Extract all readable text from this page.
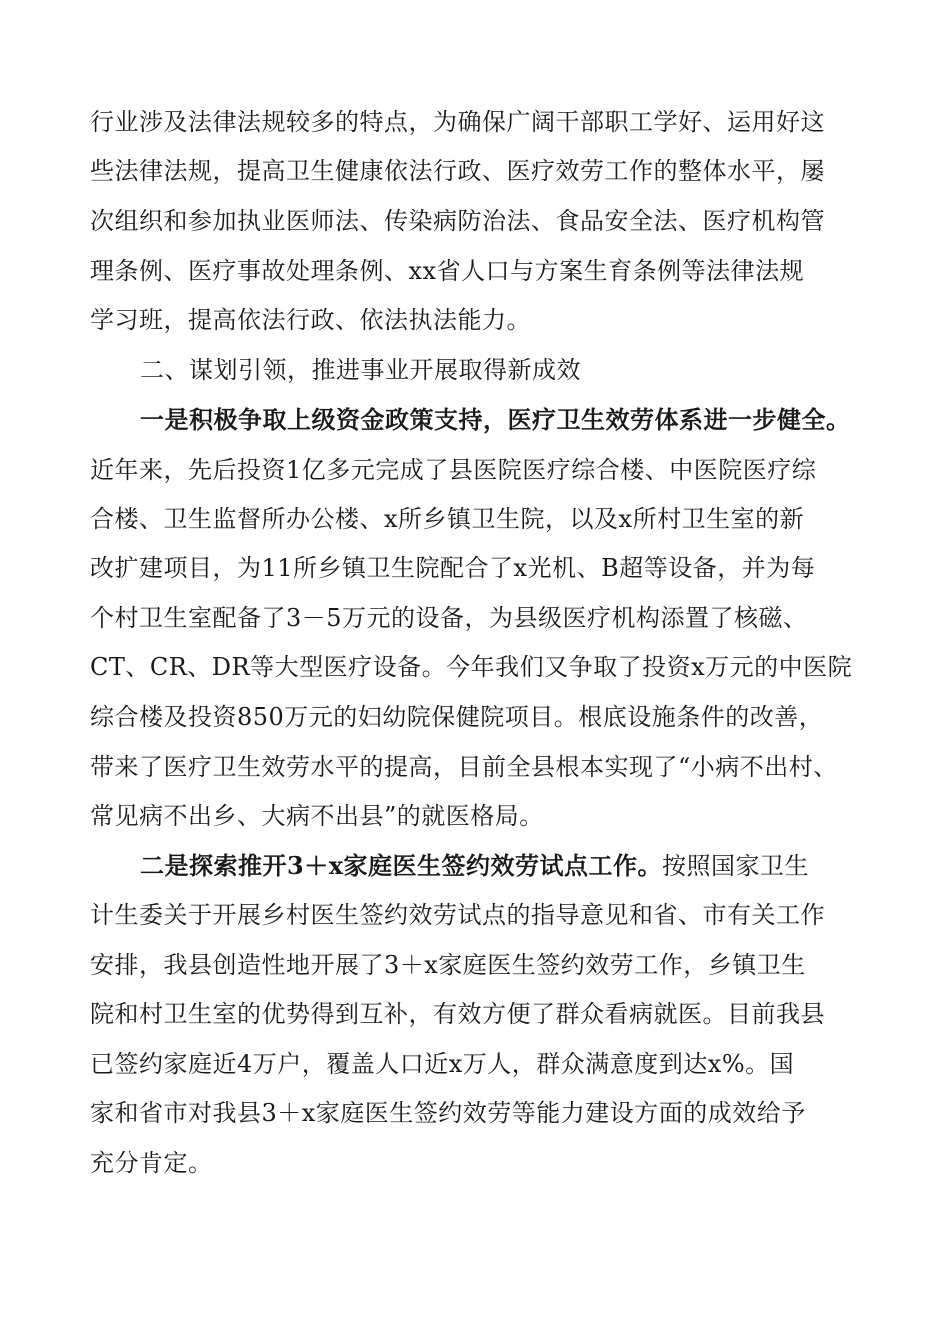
行业涉及法律法规较多的特点，为确保广阔干部职工学好、运用好这
些法律法规，提高卫生健康依法行政、医疗效劳工作的整体水平，屡
次组织和参加执业医师法、传染病防治法、食品安全法、医疗机构管
理条例、医疗事故处理条例、xx省人口与方案生育条例等法律法规
学习班，提高依法行政、依法执法能力。
二、谋划引领，推进事业开展取得新成效
一是积极争取上级资金政策支持，医疗卫生效劳体系进一步健全。
近年来，先后投资1亿多元完成了县医院医疗综合楼、中医院医疗综
合楼、卫生监督所办公楼、x所乡镇卫生院，以及x所村卫生室的新
改扩建项目，为11所乡镇卫生院配合了x光机、B超等设备，并为每
个村卫生室配备了3－5万元的设备，为县级医疗机构添置了核磁、
CT、CR、DR等大型医疗设备。今年我们又争取了投资x万元的中医院
综合楼及投资850万元的妇幼院保健院项目。根底设施条件的改善，
带来了医疗卫生效劳水平的提高，目前全县根本实现了“小病不出村、
常见病不出乡、大病不出县”的就医格局。
二是探索推开3＋x家庭医生签约效劳试点工作。按照国家卫生
计生委关于开展乡村医生签约效劳试点的指导意见和省、市有关工作
安排，我县创造性地开展了3＋x家庭医生签约效劳工作，乡镇卫生
院和村卫生室的优势得到互补，有效方便了群众看病就医。目前我县
已签约家庭近4万户，覆盖人口近x万人，群众满意度到达x%。国
家和省市对我县3＋x家庭医生签约效劳等能力建设方面的成效给予
充分肯定。
